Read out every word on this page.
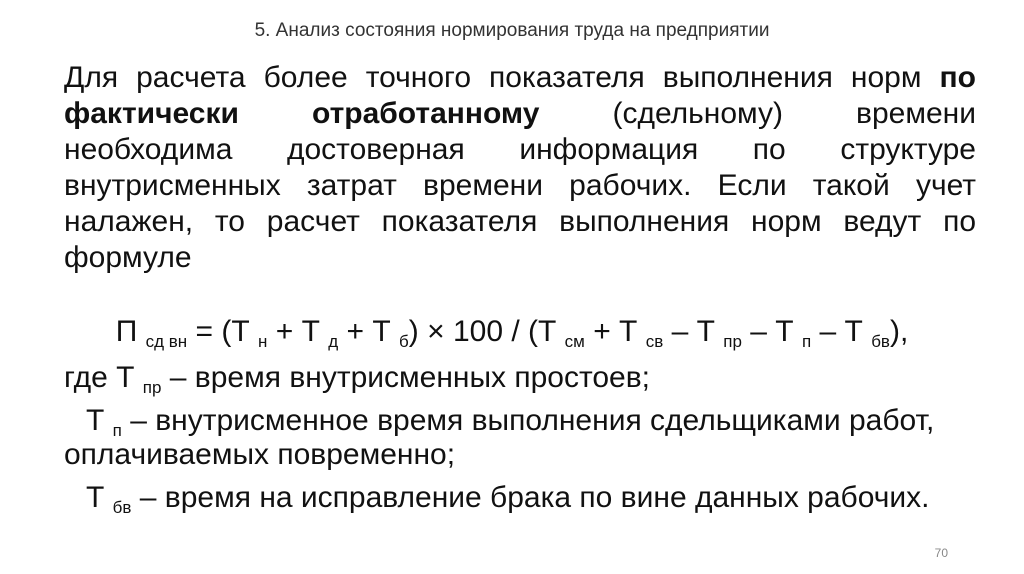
5. Анализ состояния нормирования труда на предприятии
Для расчета более точного показателя выполнения норм по
фактически отработанному (сдельному) времени
необходима достоверная информация по структуре
внутрисменных затрат времени рабочих. Если такой учет
налажен, то расчет показателя выполнения норм ведут по
формуле
П $_{сд вн}$ = (Т $_н$ + Т $_д$ + Т $_б$) × 100 / (Т $_{см}$ + Т $_{св}$ – Т $_{пр}$ – Т $_п$ – Т $_{бв}$),
где Т $_{пр}$ – время внутрисменных простоев;
Т $_п$ – внутрисменное время выполнения сдельщиками работ,
оплачиваемых повременно;
Т $_{бв}$ – время на исправление брака по вине данных рабочих.
70
